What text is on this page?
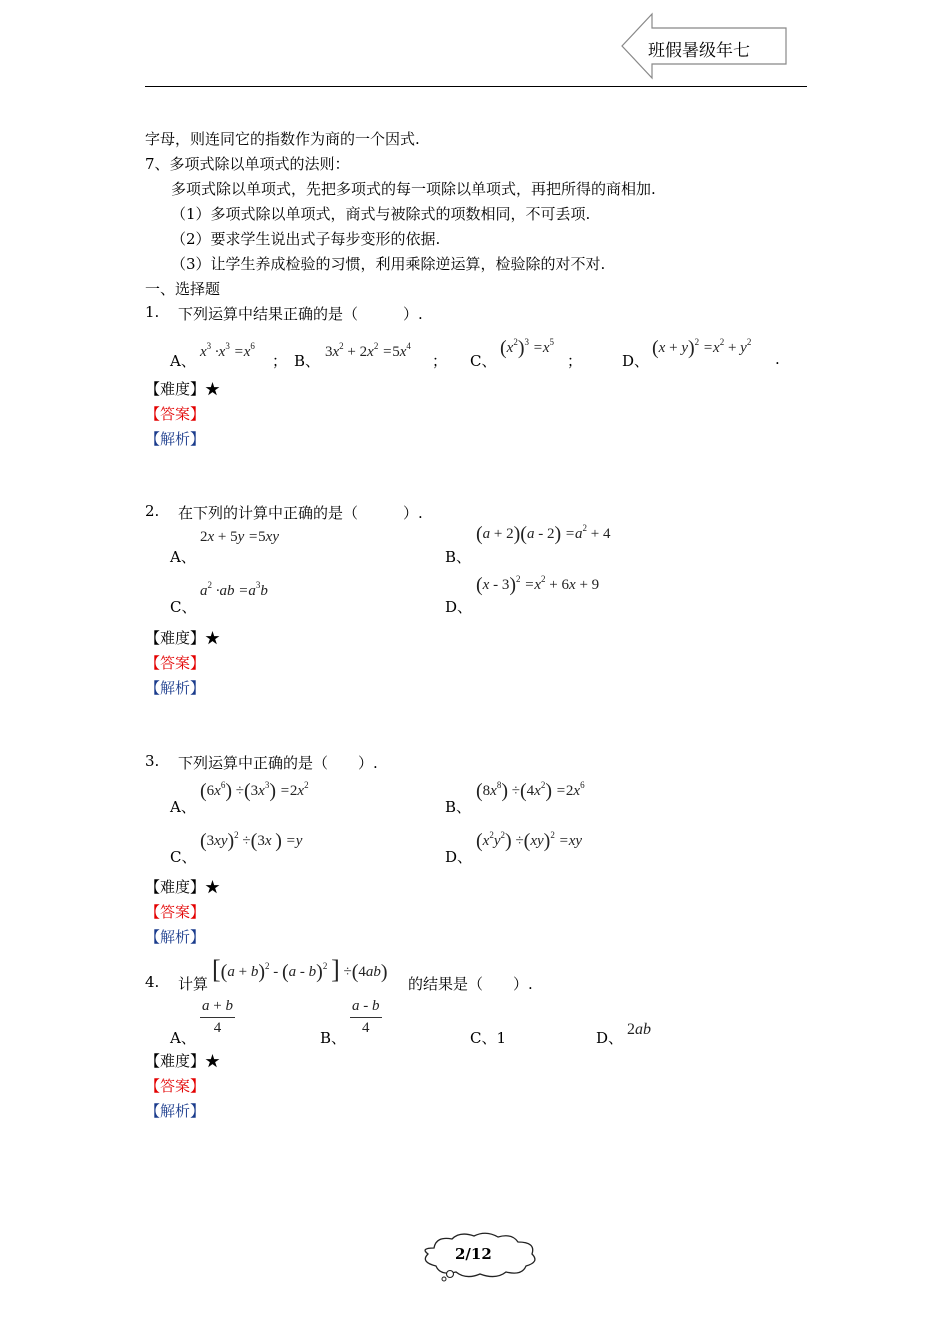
班假暑级年七
字母，则连同它的指数作为商的一个因式.
7、多项式除以单项式的法则：
多项式除以单项式，先把多项式的每一项除以单项式，再把所得的商相加.
（1）多项式除以单项式，商式与被除式的项数相同，不可丢项.
（2）要求学生说出式子每步变形的依据.
（3）让学生养成检验的习惯，利用乘除逆运算，检验除的对不对.
一、选择题
1. 下列运算中结果正确的是（　　　）.
A、 $x^3 \cdot x^3 =x^6$
； B、 $3x^2 + 2x^2 =5x^4$
； C、
$(x^2)^3 =x^5$
；	D、
$(x + y)^2 =x^2 + y^2$
.
【难度】★
【答案】
【解析】
2. 在下列的计算中正确的是（　　　）.
A、
2x + 5y =5xy
B、
$(a + 2)(a - 2) =a^2 + 4$
C、
$a^2 \cdot ab =a^3b$
D、
$(x - 3)^2 =x^2 + 6x + 9$
【难度】★
【答案】
【解析】
3. 下列运算中正确的是（　　）.
A、
$(6x^6) \div(3x^3) =2x^2$
B、
$(8x^8) \div(4x^2) =2x^6$
C、
$(3xy)^2 \div(3x$ ) =y
D、
$(x^2y^2) \div(xy)^2 =xy$
【难度】★
【答案】
【解析】
4. 计算 [$(a + b)^2 - (a - b)^2$ ] ÷(4ab)
的结果是（　　）.
A、
$\frac{a + b}{4}$
B、
$\frac{a - b}{4}$
C、1	D、 2ab
【难度】★
【答案】
【解析】
2/12
